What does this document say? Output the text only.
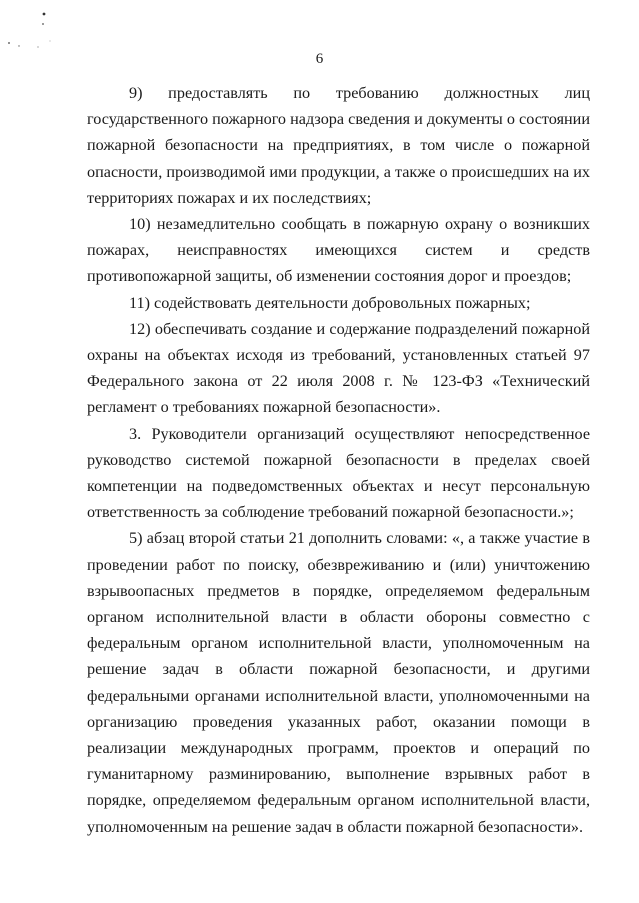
6

9) предоставлять по требованию должностных лиц государственного пожарного надзора сведения и документы о состоянии пожарной безопасности на предприятиях, в том числе о пожарной опасности, производимой ими продукции, а также о происшедших на их территориях пожарах и их последствиях;

10) незамедлительно сообщать в пожарную охрану о возникших пожарах, неисправностях имеющихся систем и средств противопожарной защиты, об изменении состояния дорог и проездов;

11) содействовать деятельности добровольных пожарных;

12) обеспечивать создание и содержание подразделений пожарной охраны на объектах исходя из требований, установленных статьей 97 Федерального закона от 22 июля 2008 г. № 123-ФЗ «Технический регламент о требованиях пожарной безопасности».

3. Руководители организаций осуществляют непосредственное руководство системой пожарной безопасности в пределах своей компетенции на подведомственных объектах и несут персональную ответственность за соблюдение требований пожарной безопасности.»;

5) абзац второй статьи 21 дополнить словами: «, а также участие в проведении работ по поиску, обезвреживанию и (или) уничтожению взрывоопасных предметов в порядке, определяемом федеральным органом исполнительной власти в области обороны совместно с федеральным органом исполнительной власти, уполномоченным на решение задач в области пожарной безопасности, и другими федеральными органами исполнительной власти, уполномоченными на организацию проведения указанных работ, оказании помощи в реализации международных программ, проектов и операций по гуманитарному разминированию, выполнение взрывных работ в порядке, определяемом федеральным органом исполнительной власти, уполномоченным на решение задач в области пожарной безопасности».
